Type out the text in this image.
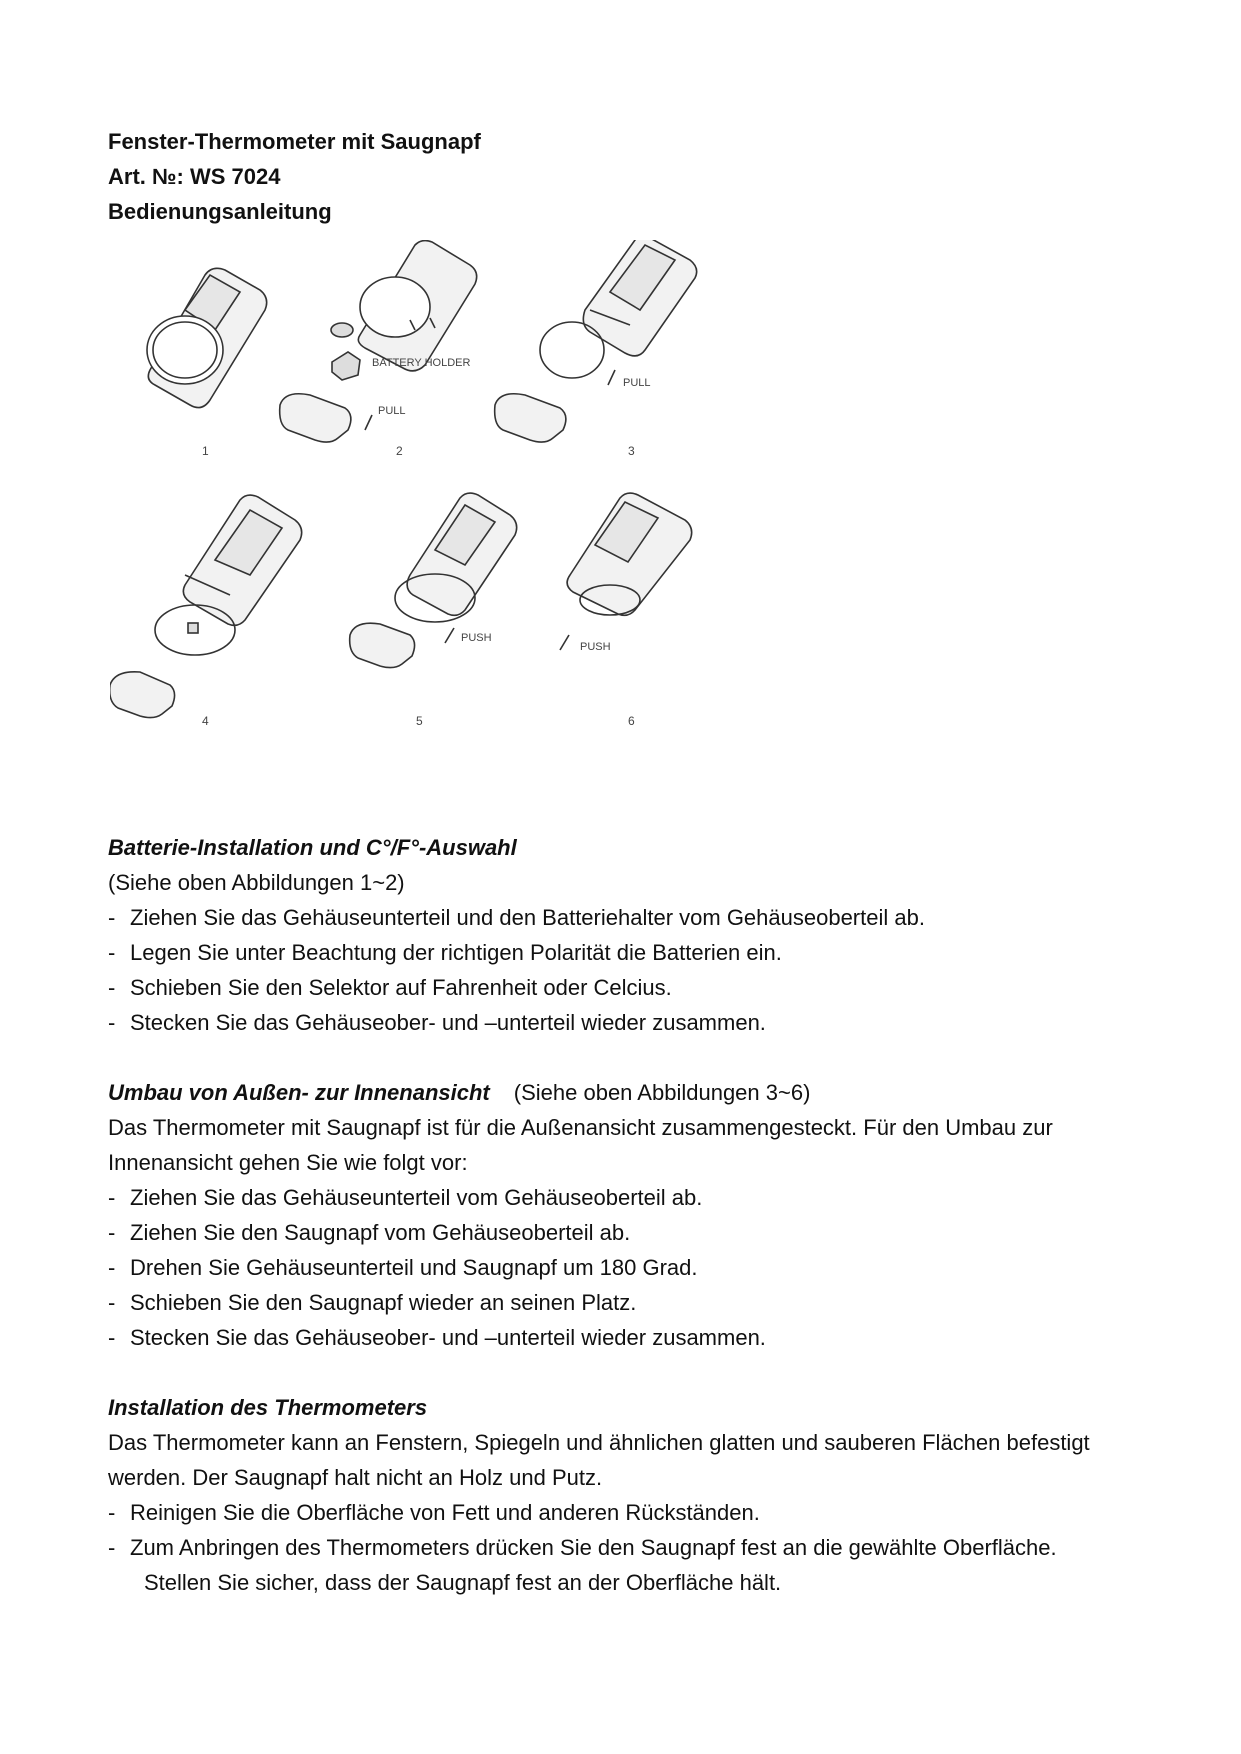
Fenster-Thermometer mit Saugnapf
Art. №: WS 7024
Bedienungsanleitung
1
BATTERY HOLDER
PULL
2
PULL
3
4
PUSH
5
PUSH
6
Batterie-Installation und C°/F°-Auswahl
(Siehe oben Abbildungen 1~2)
- Ziehen Sie das Gehäuseunterteil und den Batteriehalter vom Gehäuseoberteil ab.
- Legen Sie unter Beachtung der richtigen Polarität die Batterien ein.
- Schieben Sie den Selektor auf Fahrenheit oder Celcius.
- Stecken Sie das Gehäuseober- und –unterteil wieder zusammen.
Umbau von Außen- zur Innenansicht (Siehe oben Abbildungen 3~6)
Das Thermometer mit Saugnapf ist für die Außenansicht zusammengesteckt. Für den Umbau zur Innenansicht gehen Sie wie folgt vor:
- Ziehen Sie das Gehäuseunterteil vom Gehäuseoberteil ab.
- Ziehen Sie den Saugnapf vom Gehäuseoberteil ab.
- Drehen Sie Gehäuseunterteil und Saugnapf um 180 Grad.
- Schieben Sie den Saugnapf wieder an seinen Platz.
- Stecken Sie das Gehäuseober- und –unterteil wieder zusammen.
Installation des Thermometers
Das Thermometer kann an Fenstern, Spiegeln und ähnlichen glatten und sauberen Flächen befestigt werden. Der Saugnapf halt nicht an Holz und Putz.
- Reinigen Sie die Oberfläche von Fett und anderen Rückständen.
- Zum Anbringen des Thermometers drücken Sie den Saugnapf fest an die gewählte Oberfläche.
Stellen Sie sicher, dass der Saugnapf fest an der Oberfläche hält.
